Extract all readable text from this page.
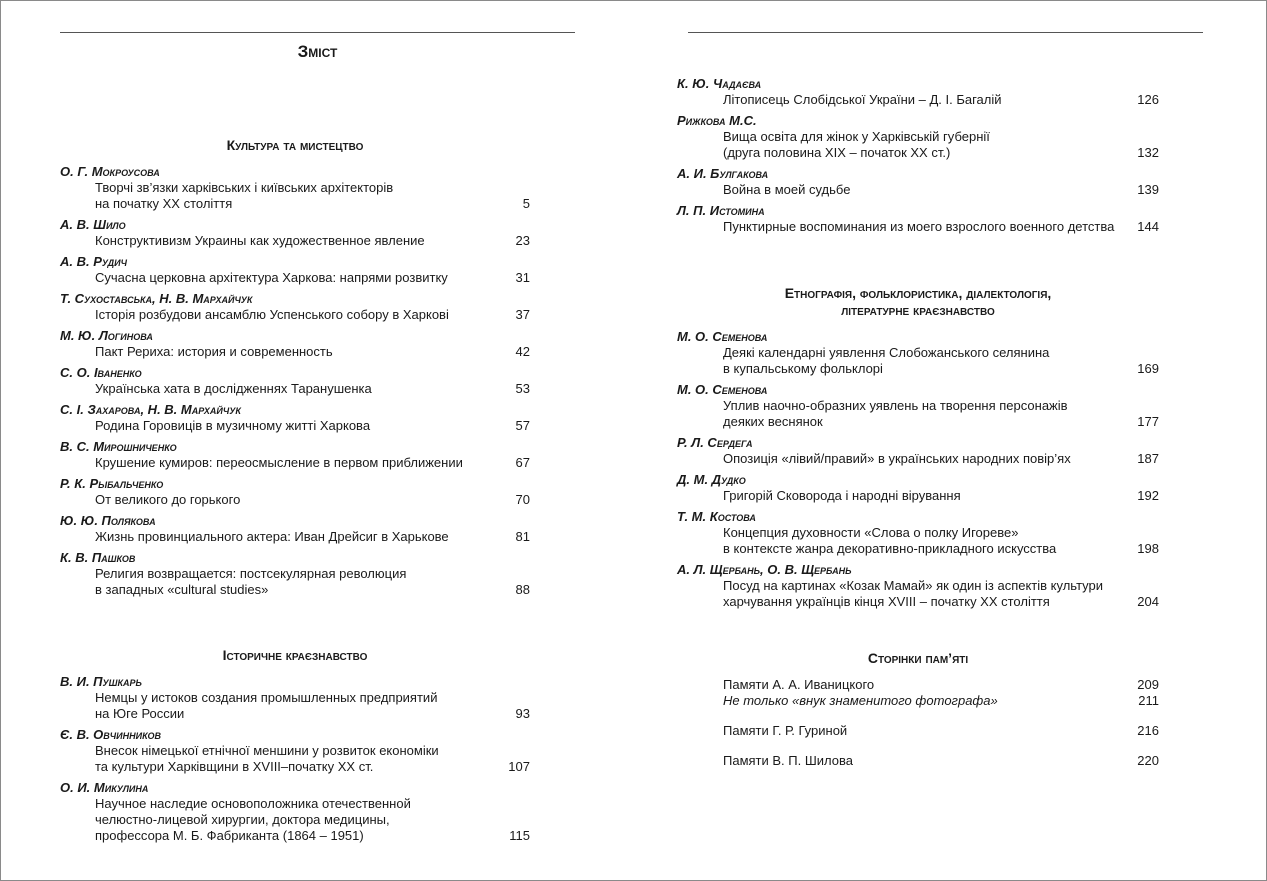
Зміст
Культура та мистецтво
О. Г. Мокроусова
Творчі зв’язки харківських і київських архітекторів
на початку ХХ століття	5
А. В. Шило
Конструктивизм Украины как художественное явление	23
А. В. Рудич
Сучасна церковна архітектура Харкова: напрями розвитку	31
Т. Сухоставська, Н. В. Мархайчук
Історія розбудови ансамблю Успенського собору в Харкові	37
М. Ю. Логинова
Пакт Рериха: история и современность	42
С. О. Іваненко
Українська хата в дослідженнях Таранушенка	53
С. І. Захарова, Н. В. Мархайчук
Родина Горовиців в музичному житті Харкова	57
В. С. Мирошниченко
Крушение кумиров: переосмысление в первом приближении	67
Р. К. Рыбальченко
От великого до горького	70
Ю. Ю. Полякова
Жизнь провинциального актера: Иван Дрейсиг в Харькове	81
К. В. Пашков
Религия возвращается: постсекулярная революция
в западных «cultural studies»	88
Історичне краєзнавство
В. И. Пушкарь
Немцы у истоков создания промышленных предприятий
на Юге России	93
Є. В. Овчинников
Внесок німецької етнічної меншини у розвиток економіки
та культури Харківщини в XVIII–початку XX ст.	107
О. И. Микулина
Научное наследие основоположника отечественной
челюстно-лицевой хирургии, доктора медицины,
профессора М. Б. Фабриканта (1864 – 1951)	115
К. Ю. Чадаєва
Літописець Слобідської України – Д. І. Багалій	126
Рижкова М.С.
Вища освіта для жінок у Харківській губернії
(друга половина XIX – початок XX ст.)	132
А. И. Булгакова
Война в моей судьбе	139
Л. П. Истомина
Пунктирные воспоминания из моего взрослого военного детства	144
Етнографія, фольклористика, діалектологія,
літературне краєзнавство
М. О. Семенова
Деякі календарні уявлення Слобожанського селянина
в купальському фольклорі	169
М. О. Семенова
Уплив наочно-образних уявлень на творення персонажів
деяких веснянок	177
Р. Л. Сердега
Опозиція «лівий/правий» в українських народних повір’ях	187
Д. М. Дудко
Григорій Сковорода і народні вірування	192
Т. М. Костова
Концепция духовности «Слова о полку Игореве»
в контексте жанра декоративно-прикладного искусства	198
А. Л. Щербань, О. В. Щербань
Посуд на картинах «Козак Мамай» як один із аспектів культури
харчування українців кінця XVIII – початку XX століття	204
Сторінки пам’яті
Памяти А. А. Иваницкого	209
Не только «внук знаменитого фотографа»	211
Памяти Г. Р. Гуриной	216
Памяти В. П. Шилова	220
